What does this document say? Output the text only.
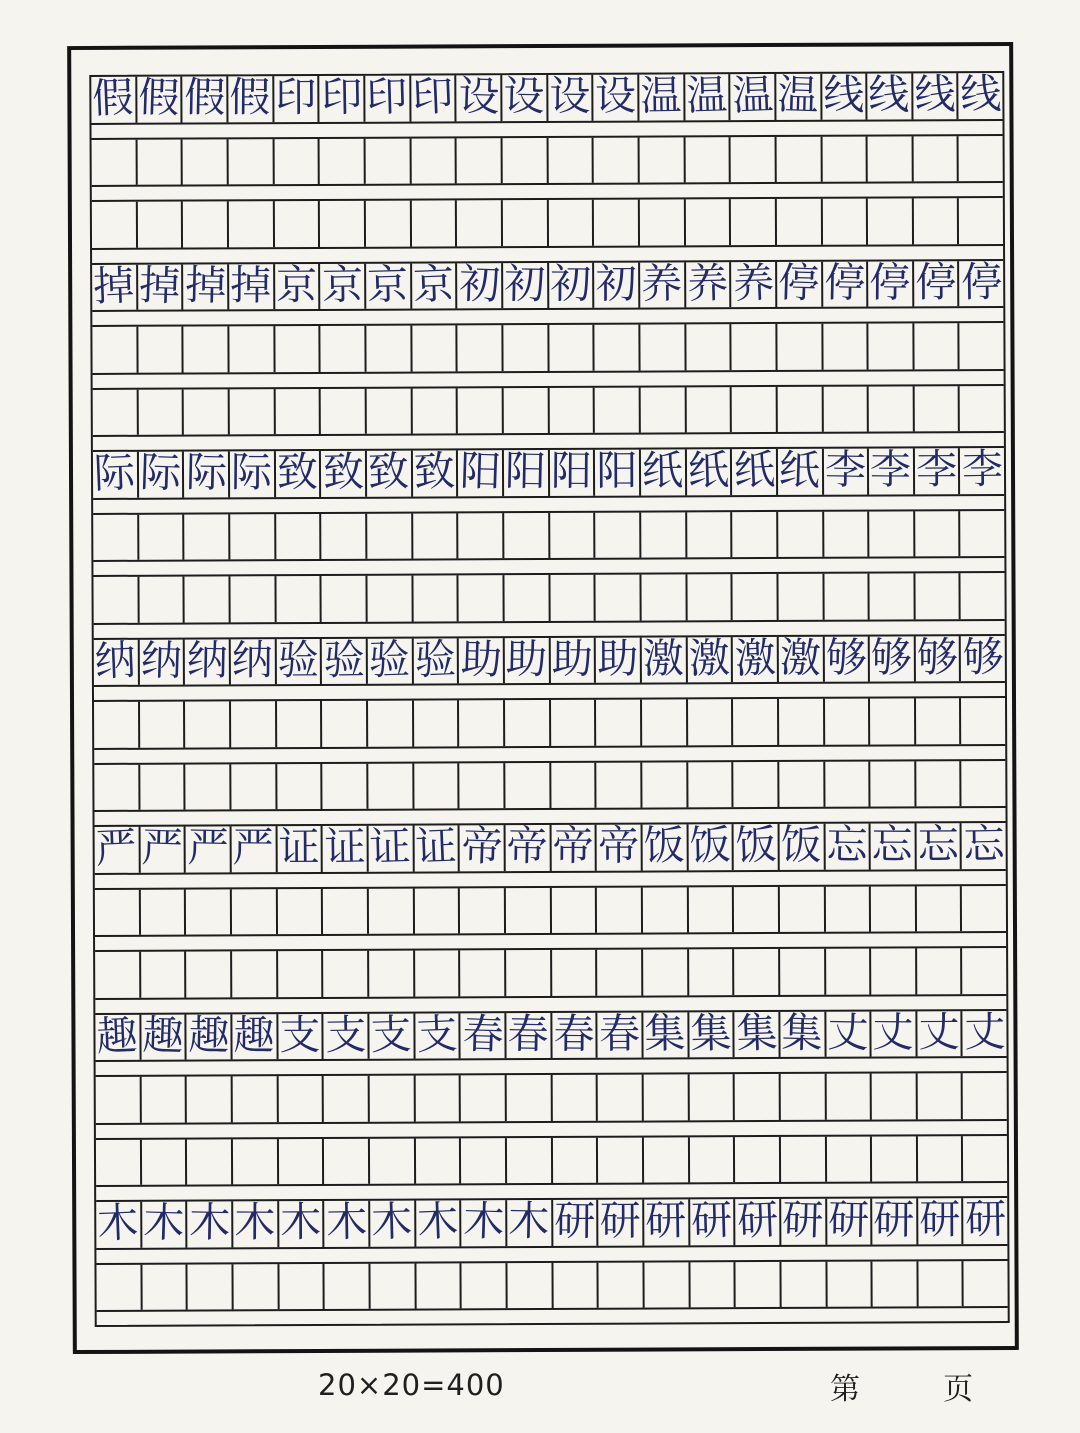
假 假 假 假 印 印 印 印 设 设 设 设 温 温 温 温 线 线 线 线
掉 掉 掉 掉 京 京 京 京 初 初 初 初 养 养 养 停 停 停 停 停
际 际 际 际 致 致 致 致 阳 阳 阳 阳 纸 纸 纸 纸 李 李 李 李
纳 纳 纳 纳 验 验 验 验 助 助 助 助 激 激 激 激 够 够 够 够
严 严 严 严 证 证 证 证 帝 帝 帝 帝 饭 饭 饭 饭 忘 忘 忘 忘
趣 趣 趣 趣 支 支 支 支 春 春 春 春 集 集 集 集 丈 丈 丈 丈
木 木 木 木 木 木 木 木 木 木 研 研 研 研 研 研 研 研 研 研
20×20=400	第	页
